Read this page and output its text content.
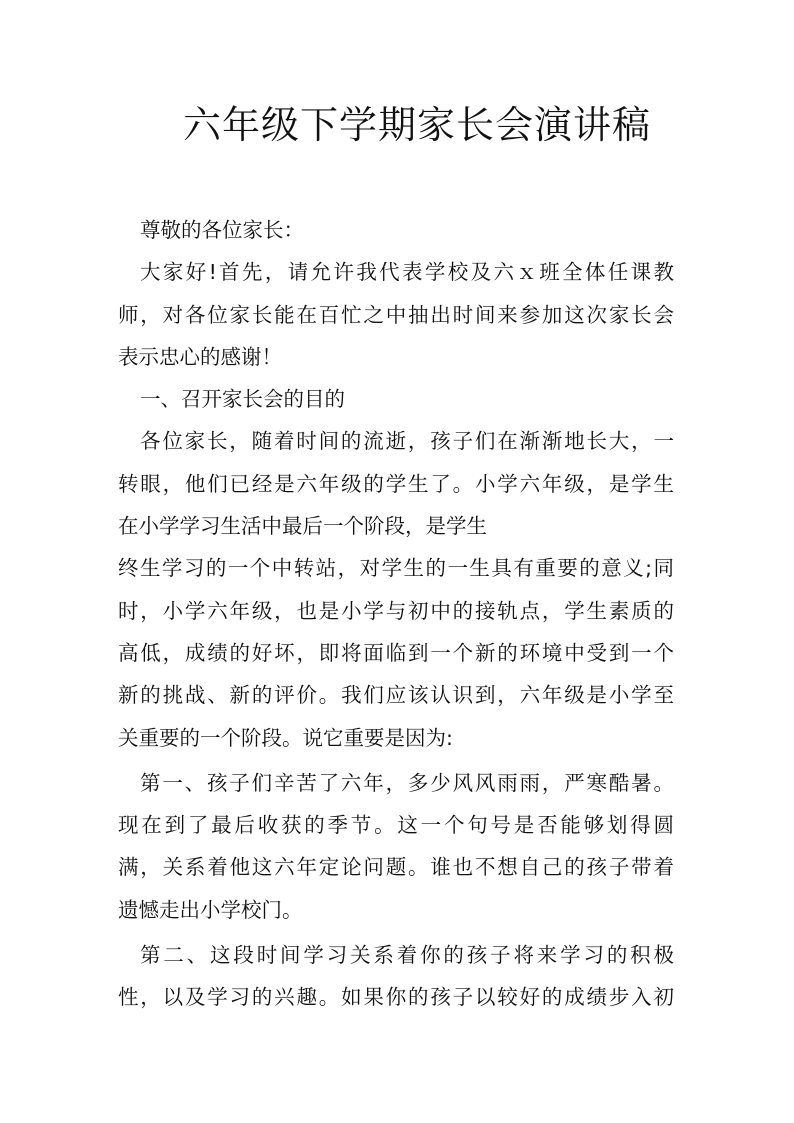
六年级下学期家长会演讲稿
尊敬的各位家长：
大家好!首先，请允许我代表学校及六ｘ班全体任课教
师，对各位家长能在百忙之中抽出时间来参加这次家长会
表示忠心的感谢！
一、召开家长会的目的
各位家长，随着时间的流逝，孩子们在渐渐地长大，一
转眼，他们已经是六年级的学生了。小学六年级，是学生
在小学学习生活中最后一个阶段，是学生
终生学习的一个中转站，对学生的一生具有重要的意义;同
时，小学六年级，也是小学与初中的接轨点，学生素质的
高低，成绩的好坏，即将面临到一个新的环境中受到一个
新的挑战、新的评价。我们应该认识到，六年级是小学至
关重要的一个阶段。说它重要是因为:
第一、孩子们辛苦了六年，多少风风雨雨，严寒酷暑。
现在到了最后收获的季节。这一个句号是否能够划得圆
满，关系着他这六年定论问题。谁也不想自己的孩子带着
遗憾走出小学校门。
第二、这段时间学习关系着你的孩子将来学习的积极
性，以及学习的兴趣。如果你的孩子以较好的成绩步入初
